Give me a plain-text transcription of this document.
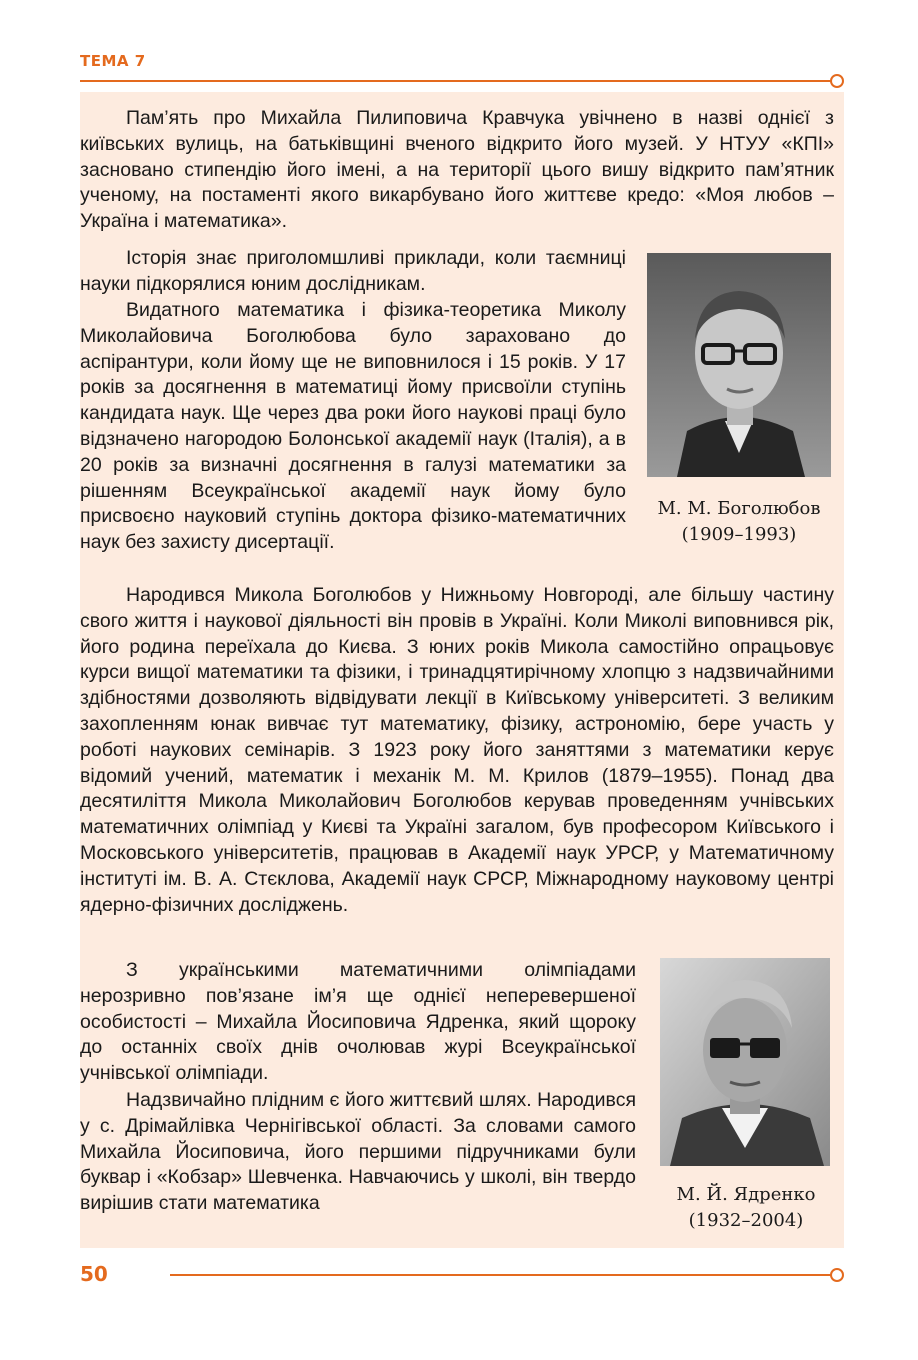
ТЕМА 7

Пам’ять про Михайла Пилиповича Кравчука увічнено в назві однієї з київських вулиць, на батьківщині вченого відкрито його музей. У НТУУ «КПІ» засновано стипендію його імені, а на території цього вишу відкрито пам’ятник ученому, на постаменті якого викарбувано його життєве кредо: «Моя любов – Україна і математика».

Історія знає приголомшливі приклади, коли таємниці науки підкорялися юним дослідникам.

Видатного математика і фізика-теоретика Миколу Миколайовича Боголюбова було зараховано до аспірантури, коли йому ще не виповнилося і 15 років. У 17 років за досягнення в математиці йому присвоїли ступінь кандидата наук. Ще через два роки його наукові праці було відзначено нагородою Болонської академії наук (Італія), а в 20 років за визначні досягнення в галузі математики за рішенням Всеукраїнської академії наук йому було присвоєно науковий ступінь доктора фізико-математичних наук без захисту дисертації.

М. М. Боголюбов
(1909–1993)

Народився Микола Боголюбов у Нижньому Новгороді, але більшу частину свого життя і наукової діяльності він провів в Україні. Коли Миколі виповнився рік, його родина переїхала до Києва. З юних років Микола самостійно опрацьовує курси вищої математики та фізики, і тринадцятирічному хлопцю з надзвичайними здібностями дозволяють відвідувати лекції в Київському університеті. З великим захопленням юнак вивчає тут математику, фізику, астрономію, бере участь у роботі наукових семінарів. З 1923 року його заняттями з математики керує відомий учений, математик і механік М. М. Крилов (1879–1955). Понад два десятиліття Микола Миколайович Боголюбов керував проведенням учнівських математичних олімпіад у Києві та Україні загалом, був професором Київського і Московського університетів, працював в Академії наук УРСР, у Математичному інституті ім. В. А. Стєклова, Академії наук СРСР, Міжнародному науковому центрі ядерно-фізичних досліджень.

З українськими математичними олімпіадами нерозривно пов’язане ім’я ще однієї неперевершеної особистості – Михайла Йосиповича Ядренка, який щороку до останніх своїх днів очолював журі Всеукраїнської учнівської олімпіади.

Надзвичайно плідним є його життєвий шлях. Народився у с. Дрімайлівка Чернігівської області. За словами самого Михайла Йосиповича, його першими підручниками були буквар і «Кобзар» Шевченка. Навчаючись у школі, він твердо вирішив стати математика	М. Й. Ядренко
(1932–2004)
50
